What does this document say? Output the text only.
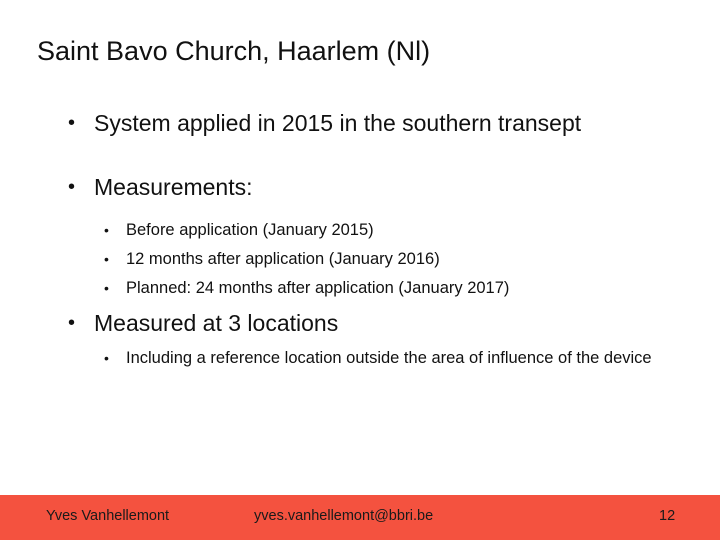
Saint Bavo Church, Haarlem (Nl)
• System applied in 2015 in the southern transept
• Measurements:
• Before application (January 2015)
• 12 months after application (January 2016)
• Planned: 24 months after application (January 2017)
• Measured at 3 locations
• Including a reference location outside the area of influence of the device
Yves Vanhellemont	yves.vanhellemont@bbri.be	12
